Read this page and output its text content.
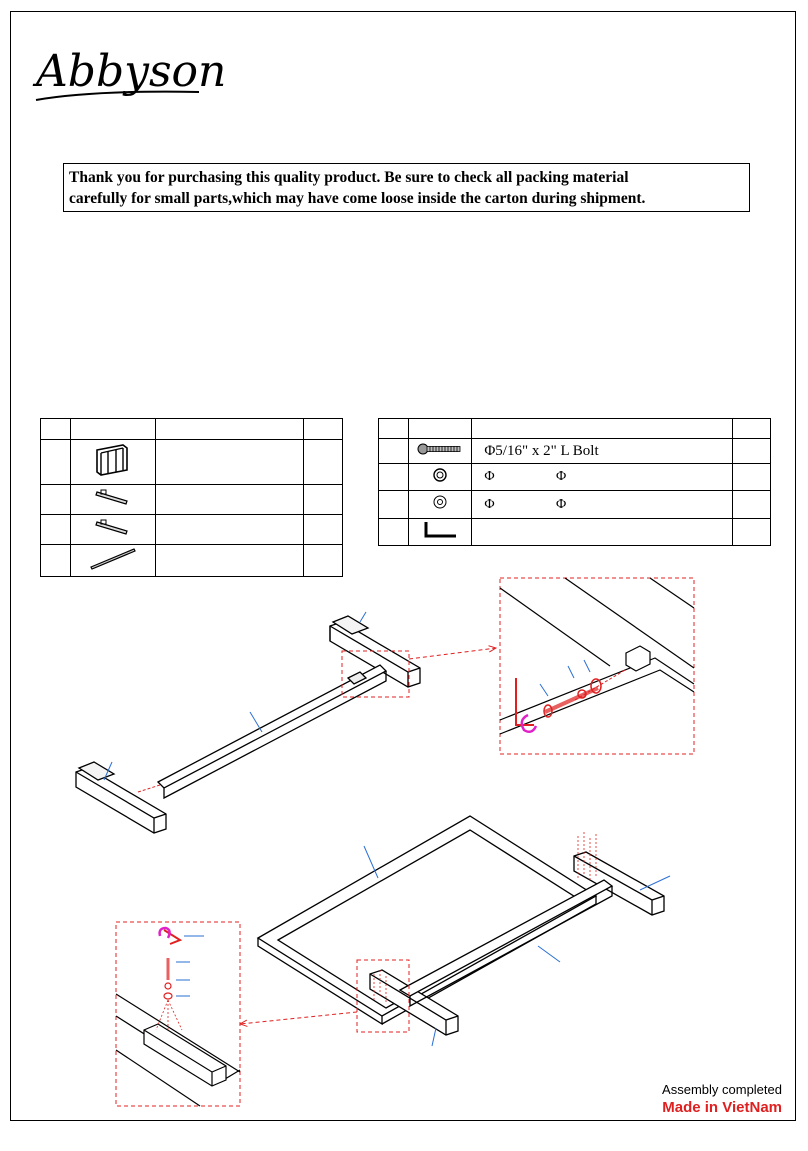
Abbyson
Thank you for purchasing this quality product. Be sure to check all packing material
carefully for small parts,which may have come loose inside the carton during shipment.

		Φ5/16" x 2" L Bolt	
		Φ Φ	
		Φ Φ	

Assembly completed
Made in VietNam
